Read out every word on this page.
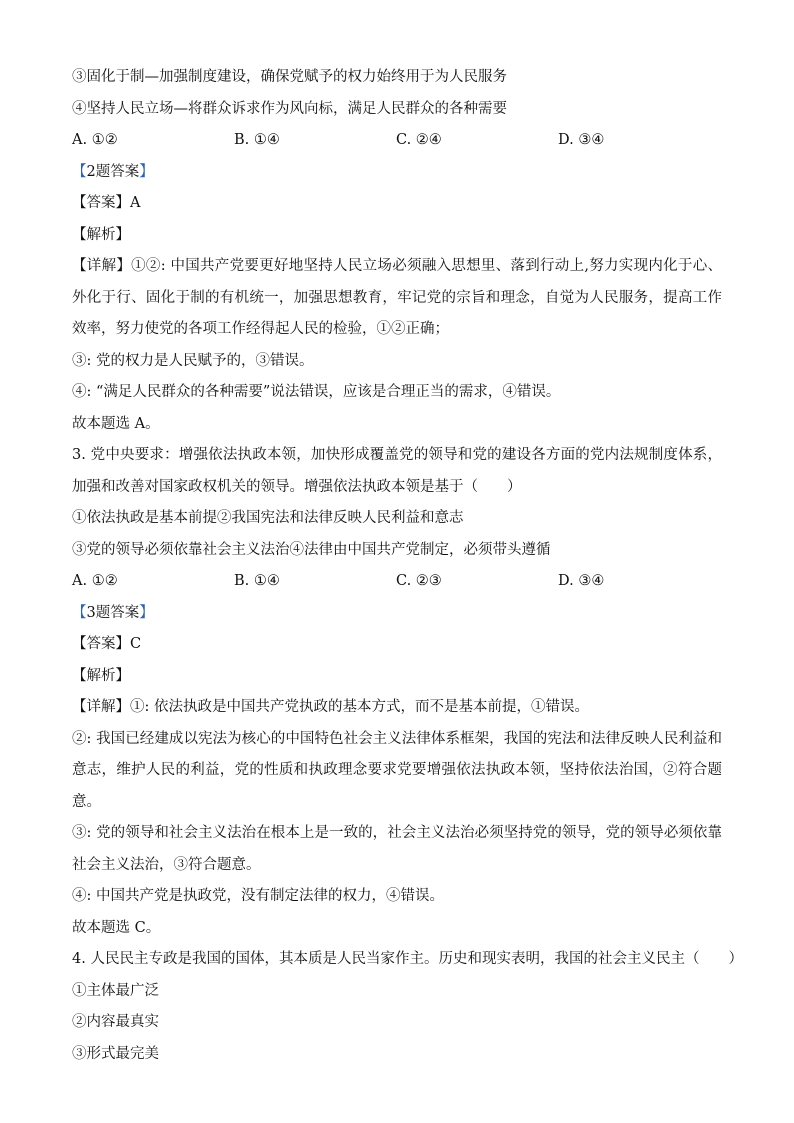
③固化于制—加强制度建设，确保党赋予的权力始终用于为人民服务
④坚持人民立场—将群众诉求作为风向标，满足人民群众的各种需要
A. ①②	B. ①④	C. ②④	D. ③④
【2题答案】
【答案】A
【解析】
【详解】①②: 中国共产党要更好地坚持人民立场必须融入思想里、落到行动上,努力实现内化于心、外化于行、固化于制的有机统一，加强思想教育，牢记党的宗旨和理念，自觉为人民服务，提高工作效率，努力使党的各项工作经得起人民的检验，①②正确；
③: 党的权力是人民赋予的，③错误。
④: “满足人民群众的各种需要”说法错误，应该是合理正当的需求，④错误。
故本题选 A。
3. 党中央要求：增强依法执政本领，加快形成覆盖党的领导和党的建设各方面的党内法规制度体系，加强和改善对国家政权机关的领导。增强依法执政本领是基于（　　）
①依法执政是基本前提②我国宪法和法律反映人民利益和意志
③党的领导必须依靠社会主义法治④法律由中国共产党制定，必须带头遵循
A. ①②	B. ①④	C. ②③	D. ③④
【3题答案】
【答案】C
【解析】
【详解】①: 依法执政是中国共产党执政的基本方式，而不是基本前提，①错误。
②: 我国已经建成以宪法为核心的中国特色社会主义法律体系框架，我国的宪法和法律反映人民利益和意志，维护人民的利益，党的性质和执政理念要求党要增强依法执政本领，坚持依法治国，②符合题意。
③: 党的领导和社会主义法治在根本上是一致的，社会主义法治必须坚持党的领导，党的领导必须依靠社会主义法治，③符合题意。
④: 中国共产党是执政党，没有制定法律的权力，④错误。
故本题选 C。
4. 人民民主专政是我国的国体，其本质是人民当家作主。历史和现实表明，我国的社会主义民主（　　）
①主体最广泛
②内容最真实
③形式最完美
